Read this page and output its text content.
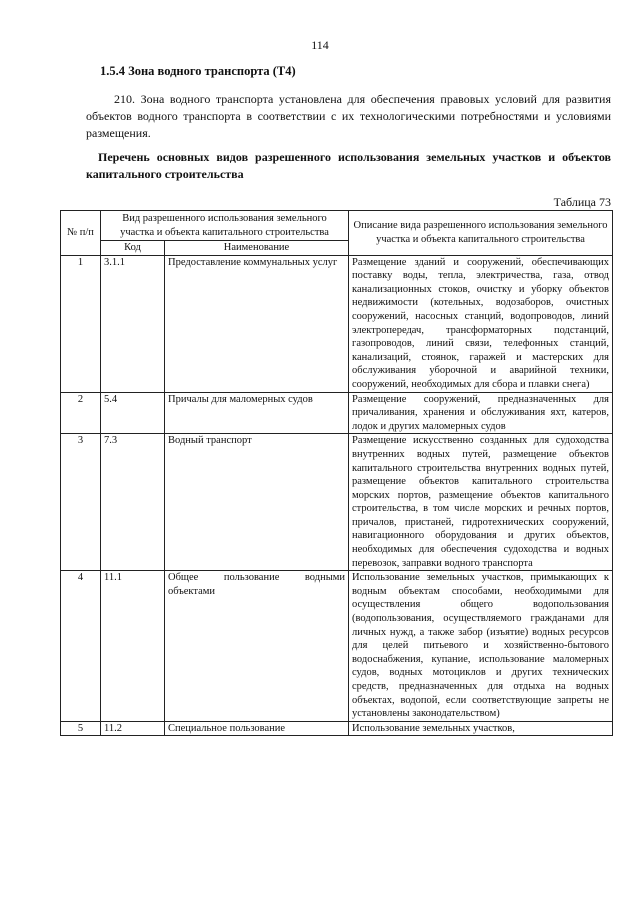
114
1.5.4 Зона водного транспорта (Т4)

210. Зона водного транспорта установлена для обеспечения правовых условий для развития объектов водного транспорта в соответствии с их технологическими потребностями и условиями размещения.

Перечень основных видов разрешенного использования земельных участков и объектов капитального строительства

Таблица 73
№ п/п	Вид разрешенного использования земельного участка и объекта капитального строительства		Описание вида разрешенного использования земельного участка и объекта капитального строительства
	Код	Наименование	
1	3.1.1	Предоставление коммунальных услуг	Размещение зданий и сооружений, обеспечивающих поставку воды, тепла, электричества, газа, отвод канализационных стоков, очистку и уборку объектов недвижимости (котельных, водозаборов, очистных сооружений, насосных станций, водопроводов, линий электропередач, трансформаторных подстанций, газопроводов, линий связи, телефонных станций, канализаций, стоянок, гаражей и мастерских для обслуживания уборочной и аварийной техники, сооружений, необходимых для сбора и плавки снега)
2	5.4	Причалы для маломерных судов	Размещение сооружений, предназначенных для причаливания, хранения и обслуживания яхт, катеров, лодок и других маломерных судов
3	7.3	Водный транспорт	Размещение искусственно созданных для судоходства внутренних водных путей, размещение объектов капитального строительства внутренних водных путей, размещение объектов капитального строительства морских портов, размещение объектов капитального строительства, в том числе морских и речных портов, причалов, пристаней, гидротехнических сооружений, навигационного оборудования и других объектов, необходимых для обеспечения судоходства и водных перевозок, заправки водного транспорта
4	11.1	Общее пользование водными объектами	Использование земельных участков, примыкающих к водным объектам способами, необходимыми для осуществления общего водопользования (водопользования, осуществляемого гражданами для личных нужд, а также забор (изъятие) водных ресурсов для целей питьевого и хозяйственно-бытового водоснабжения, купание, использование маломерных судов, водных мотоциклов и других технических средств, предназначенных для отдыха на водных объектах, водопой, если соответствующие запреты не установлены законодательством)
5	11.2	Специальное пользование	Использование земельных участков,
